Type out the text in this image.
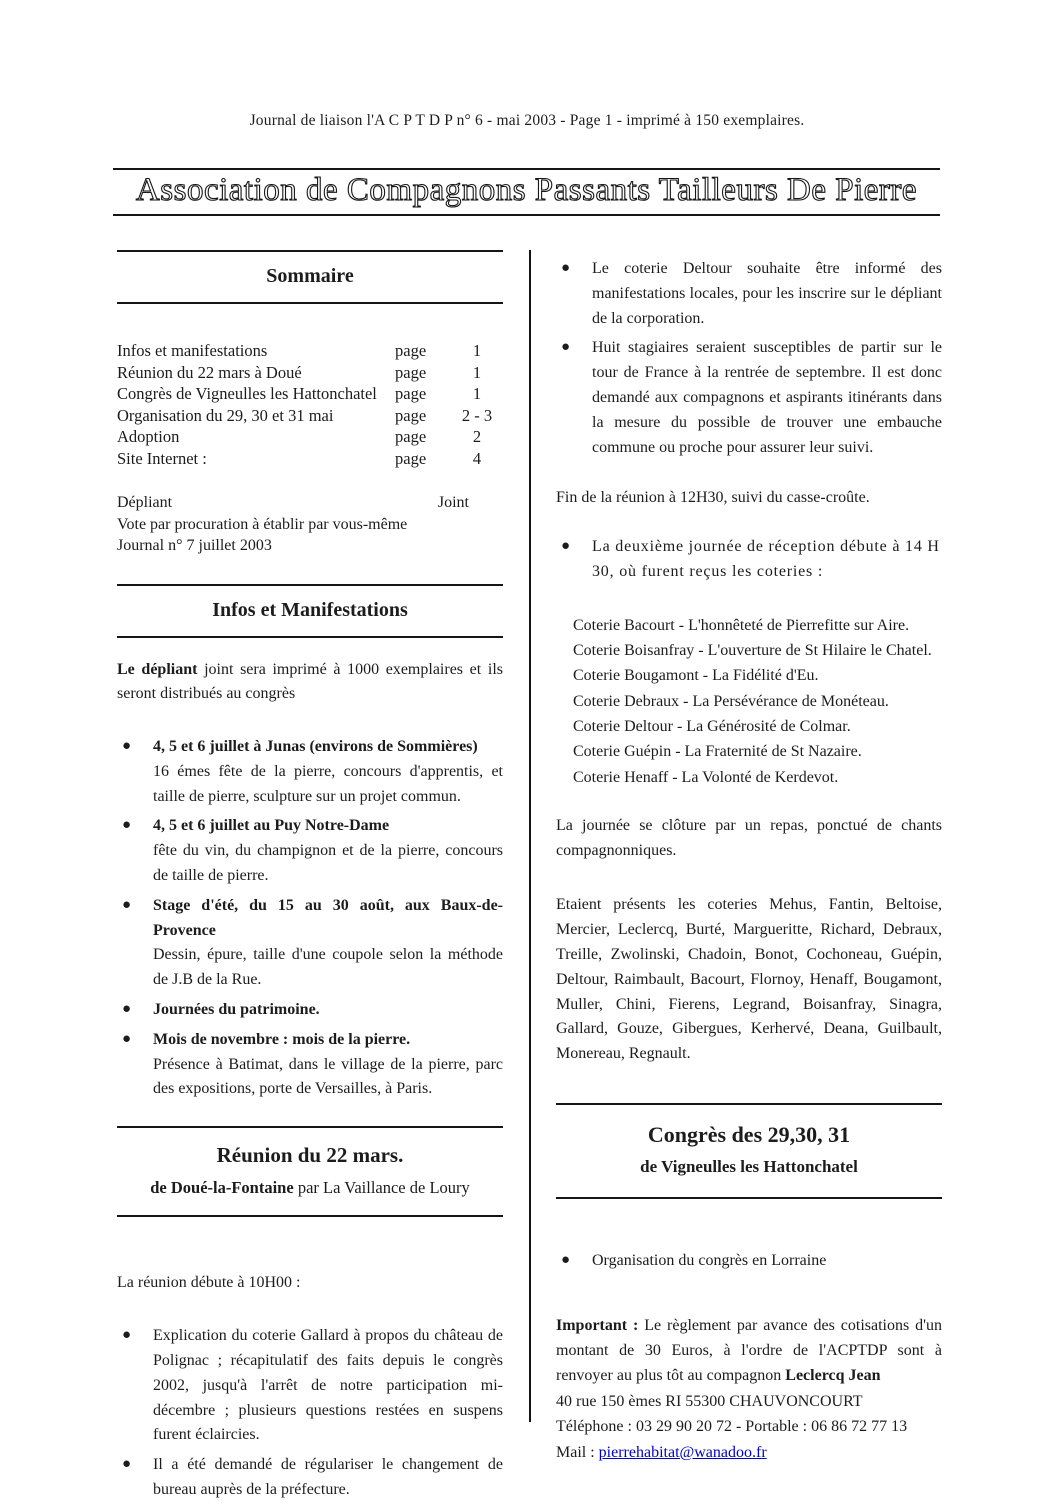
Journal de liaison l'A C P T D P n° 6 - mai 2003 - Page 1 - imprimé à 150 exemplaires.
Association de Compagnons Passants Tailleurs De Pierre
Sommaire
Infos et manifestations	page	1
Réunion du 22 mars à Doué	page	1
Congrès de Vigneulles les Hattonchatel	page	1
Organisation du 29, 30 et 31 mai	page	2 - 3
Adoption	page	2
Site Internet :	page	4
Dépliant	Joint
Vote par procuration à établir par vous-même
Journal n° 7 juillet 2003
Infos et Manifestations

Le dépliant joint sera imprimé à 1000 exemplaires et ils seront distribués au congrès

●	4, 5 et 6 juillet à Junas (environs de Sommières)
16 émes fête de la pierre, concours d'apprentis, et taille de pierre, sculpture sur un projet commun.
●	4, 5 et 6 juillet au Puy Notre-Dame
fête du vin, du champignon et de la pierre, concours de taille de pierre.
●	Stage d'été, du 15 au 30 août, aux Baux-de-Provence
Dessin, épure, taille d'une coupole selon la méthode de J.B de la Rue.
●	Journées du patrimoine.
●	Mois de novembre : mois de la pierre.
Présence à Batimat, dans le village de la pierre, parc des expositions, porte de Versailles, à Paris.
Réunion du 22 mars.
de Doué-la-Fontaine par La Vaillance de Loury

La réunion débute à 10H00 :

●	Explication du coterie Gallard à propos du château de Polignac ; récapitulatif des faits depuis le congrès 2002, jusqu'à l'arrêt de notre participation mi-décembre ; plusieurs questions restées en suspens furent éclaircies.
●	Il a été demandé de régulariser le changement de bureau auprès de la préfecture.
●	Le coterie Deltour souhaite être informé des manifestations locales, pour les inscrire sur le dépliant de la corporation.
●	Huit stagiaires seraient susceptibles de partir sur le tour de France à la rentrée de septembre. Il est donc demandé aux compagnons et aspirants itinérants dans la mesure du possible de trouver une embauche commune ou proche pour assurer leur suivi.

Fin de la réunion à 12H30, suivi du casse-croûte.

●	La deuxième journée de réception débute à 14 H 30, où furent reçus les coteries :
Coterie Bacourt - L'honnêteté de Pierrefitte sur Aire.
Coterie Boisanfray - L'ouverture de St Hilaire le Chatel.
Coterie Bougamont - La Fidélité d'Eu.
Coterie Debraux - La Persévérance de Monéteau.
Coterie Deltour - La Générosité de Colmar.
Coterie Guépin - La Fraternité de St Nazaire.
Coterie Henaff - La Volonté de Kerdevot.

La journée se clôture par un repas, ponctué de chants compagnonniques.

Etaient présents les coteries Mehus, Fantin, Beltoise, Mercier, Leclercq, Burté, Margueritte, Richard, Debraux, Treille, Zwolinski, Chadoin, Bonot, Cochoneau, Guépin, Deltour, Raimbault, Bacourt, Flornoy, Henaff, Bougamont, Muller, Chini, Fierens, Legrand, Boisanfray, Sinagra, Gallard, Gouze, Gibergues, Kerhervé, Deana, Guilbault, Monereau, Regnault.

Congrès des 29,30, 31
de Vigneulles les Hattonchatel
●	Organisation du congrès en Lorraine

Important : Le règlement par avance des cotisations d'un montant de 30 Euros, à l'ordre de l'ACPTDP sont à renvoyer au plus tôt au compagnon Leclercq Jean

40 rue 150 èmes RI 55300 CHAUVONCOURT
Téléphone : 03 29 90 20 72 - Portable : 06 86 72 77 13
Mail : pierrehabitat@wanadoo.fr
